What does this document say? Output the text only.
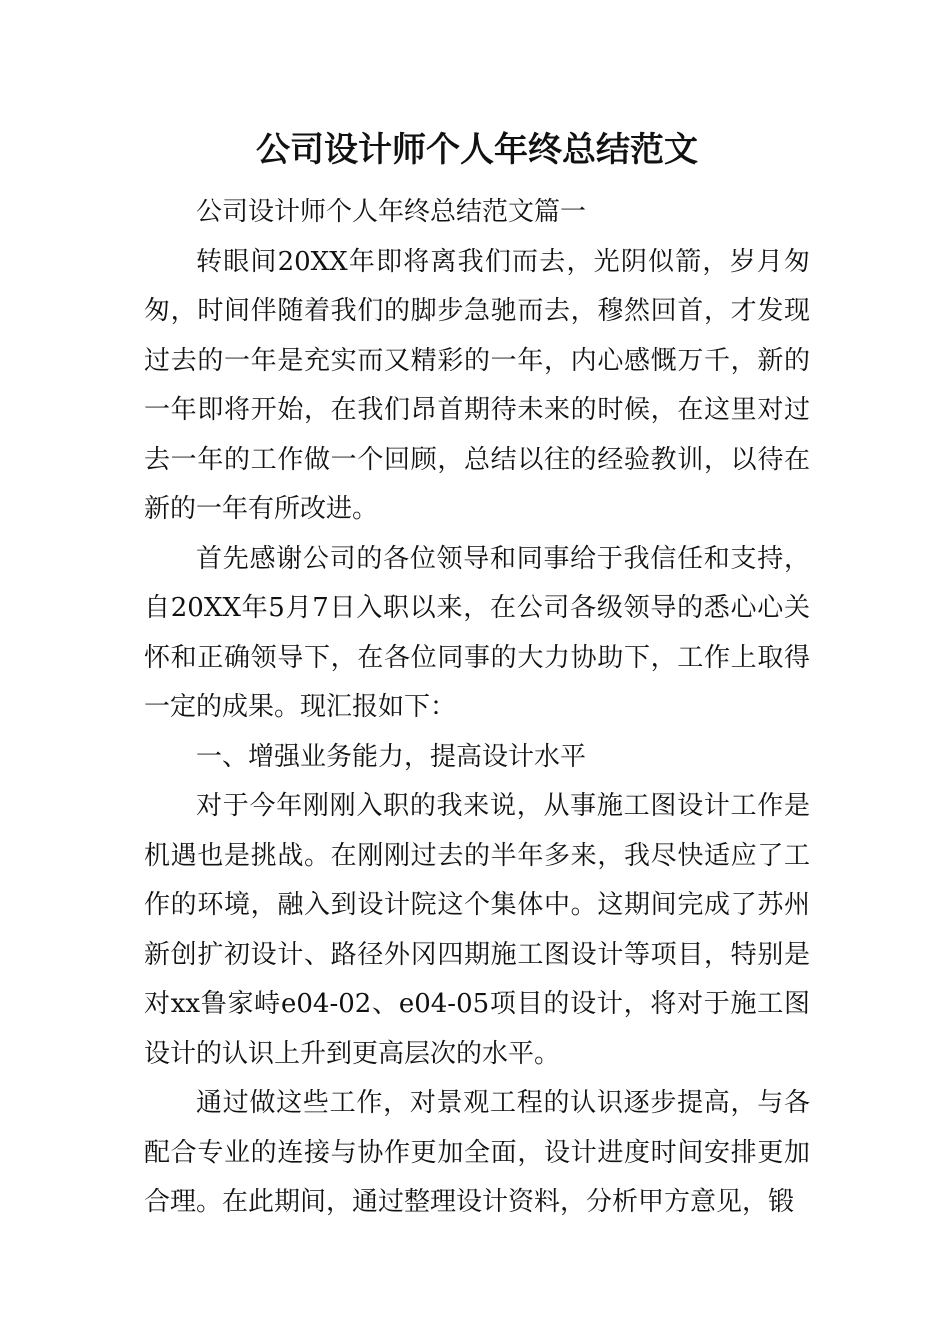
公司设计师个人年终总结范文

公司设计师个人年终总结范文篇一

转眼间20XX年即将离我们而去，光阴似箭，岁月匆匆，时间伴随着我们的脚步急驰而去，穆然回首，才发现过去的一年是充实而又精彩的一年，内心感慨万千，新的一年即将开始，在我们昂首期待未来的时候，在这里对过去一年的工作做一个回顾，总结以往的经验教训，以待在新的一年有所改进。

首先感谢公司的各位领导和同事给于我信任和支持，自20XX年5月7日入职以来，在公司各级领导的悉心心关怀和正确领导下，在各位同事的大力协助下，工作上取得一定的成果。现汇报如下：

一、增强业务能力，提高设计水平

对于今年刚刚入职的我来说，从事施工图设计工作是机遇也是挑战。在刚刚过去的半年多来，我尽快适应了工作的环境，融入到设计院这个集体中。这期间完成了苏州新创扩初设计、路径外冈四期施工图设计等项目，特别是对xx鲁家峙e04-02、e04-05项目的设计，将对于施工图设计的认识上升到更高层次的水平。

通过做这些工作，对景观工程的认识逐步提高，与各配合专业的连接与协作更加全面，设计进度时间安排更加合理。在此期间，通过整理设计资料，分析甲方意见，锻
